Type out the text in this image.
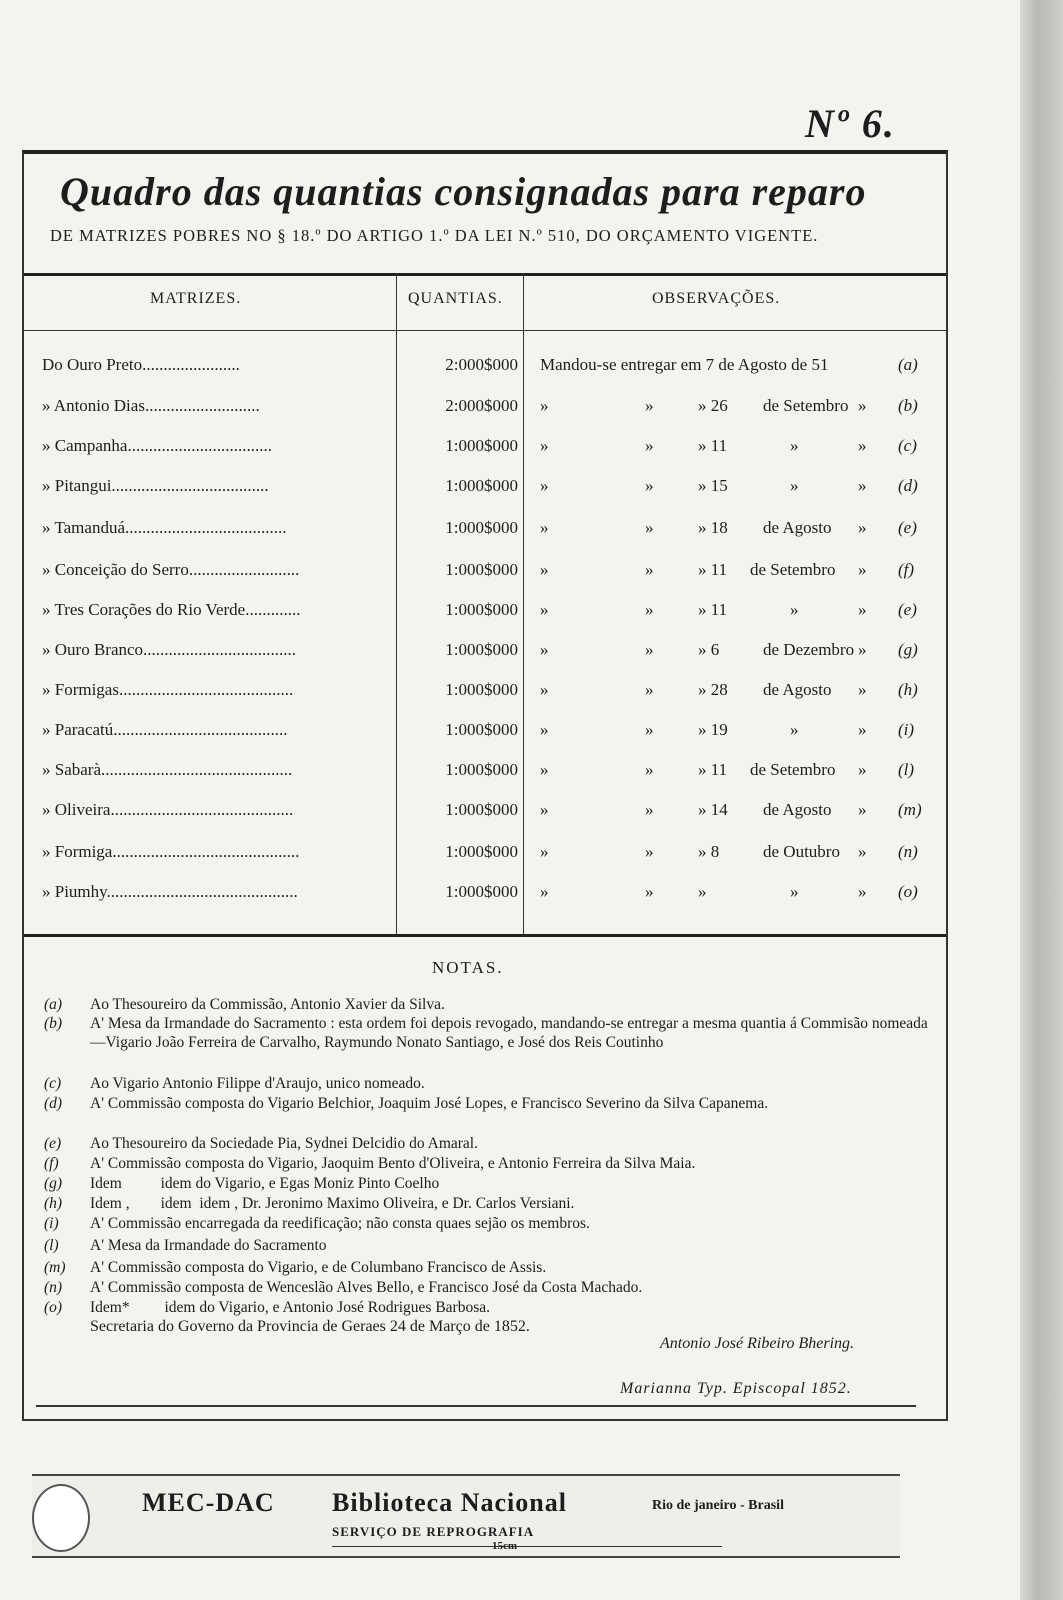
Nº 6.
Quadro das quantias consignadas para reparo
DE MATRIZES POBRES NO § 18.º DO ARTIGO 1.º DA LEI N.º 510, DO ORÇAMENTO VIGENTE.
MATRIZES.	QUANTIAS.	OBSERVAÇÕES.
Do Ouro Preto.......................	2:000$000 Mandou-se entregar em 7 de Agosto de 51	(a)
» Antonio Dias...........................	2:000$000 »	»	» 26 de Setembro » (b)
» Campanha..................................	1:000$000 »	»	» 11	»	» (c)
» Pitangui.....................................	1:000$000 »	»	» 15	»	» (d)
» Tamanduá......................................	1:000$000 »	»	» 18 de Agosto » (e)
» Conceição do Serro..........................	1:000$000 »	»	» 11 de Setembro » (f)
» Tres Corações do Rio Verde.............	1:000$000 »	»	» 11	»	» (e)
» Ouro Branco....................................	1:000$000 »	»	» 6	de Dezembro » (g)
» Formigas.........................................	1:000$000 »	»	» 28 de Agosto » (h)
» Paracatú.........................................	1:000$000 »	»	» 19	»	» (i)
» Sabarà.............................................	1:000$000 »	»	» 11 de Setembro » (l)
» Oliveira...........................................	1:000$000 »	»	» 14 de Agosto » (m)
» Formiga............................................	1:000$000 »	»	» 8	de Outubro » (n)
» Piumhy.............................................	1:000$000 »	»	»	»	» (o)
NOTAS.
(a) Ao Thesoureiro da Commissão, Antonio Xavier da Silva.
(b) A' Mesa da Irmandade do Sacramento : esta ordem foi depois revogado, mandando-se entregar a mesma quantia á Commisão nomeada—Vigario João Ferreira de Carvalho, Raymundo Nonato Santiago, e José dos Reis Coutinho
(c) Ao Vigario Antonio Filippe d'Araujo, unico nomeado.
(d) A' Commissão composta do Vigario Belchior, Joaquim José Lopes, e Francisco Severino da Silva Capanema.
(e) Ao Thesoureiro da Sociedade Pia, Sydnei Delcidio do Amaral.
(f) A' Commissão composta do Vigario, Jaoquim Bento d'Oliveira, e Antonio Ferreira da Silva Maia.
(g) Idem          idem do Vigario, e Egas Moniz Pinto Coelho
(h) Idem ,        idem  idem , Dr. Jeronimo Maximo Oliveira, e Dr. Carlos Versiani.
(i) A' Commissão encarregada da reedificação; não consta quaes sejão os membros.
(l) A' Mesa da Irmandade do Sacramento
(m) A' Commissão composta do Vigario, e de Columbano Francisco de Assis.
(n) A' Commissão composta de Wenceslão Alves Bello, e Francisco José da Costa Machado.
(o) Idem*         idem do Vigario, e Antonio José Rodrigues Barbosa.
Secretaria do Governo da Provincia de Geraes 24 de Março de 1852.
Antonio José Ribeiro Bhering.
Marianna Typ. Episcopal 1852.
MEC-DAC Biblioteca Nacional	Rio de janeiro - Brasil
SERVIÇO DE REPROGRAFIA
15cm
